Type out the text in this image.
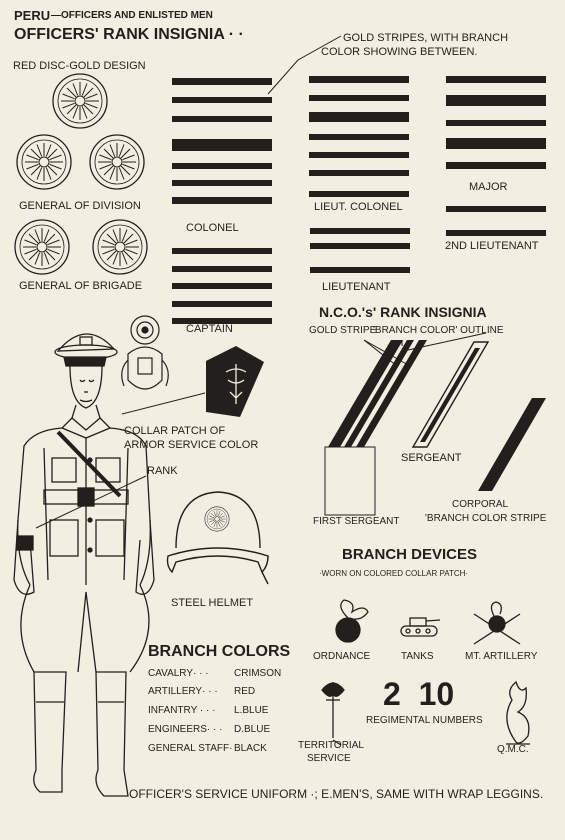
PERU —OFFICERS AND ENLISTED MEN
OFFICERS' RANK INSIGNIA · ·
RED DISC-GOLD DESIGN
GOLD STRIPES, WITH BRANCH
COLOR SHOWING BETWEEN.
GENERAL OF DIVISION
GENERAL OF BRIGADE
COLONEL
LIEUT. COLONEL
MAJOR
2ND LIEUTENANT
LIEUTENANT
CAPTAIN
N.C.O.'s' RANK INSIGNIA
GOLD STRIPE
'BRANCH COLOR' OUTLINE
SERGEANT
FIRST SERGEANT
CORPORAL
'BRANCH COLOR STRIPE
COLLAR PATCH OF
ARMOR SERVICE COLOR
RANK
STEEL HELMET
BRANCH COLORS
CAVALRY· · ·	CRIMSON
ARTILLERY· · · RED
INFANTRY · · · L.BLUE
ENGINEERS· · · D.BLUE
GENERAL STAFF· BLACK
BRANCH DEVICES
·WORN ON COLORED COLLAR PATCH·
ORDNANCE	TANKS	MT. ARTILLERY
TERRITORIAL
SERVICE
2  10
REGIMENTAL NUMBERS
Q.M.C.
OFFICER'S SERVICE UNIFORM ·; E.MEN'S, SAME WITH WRAP LEGGINS.
